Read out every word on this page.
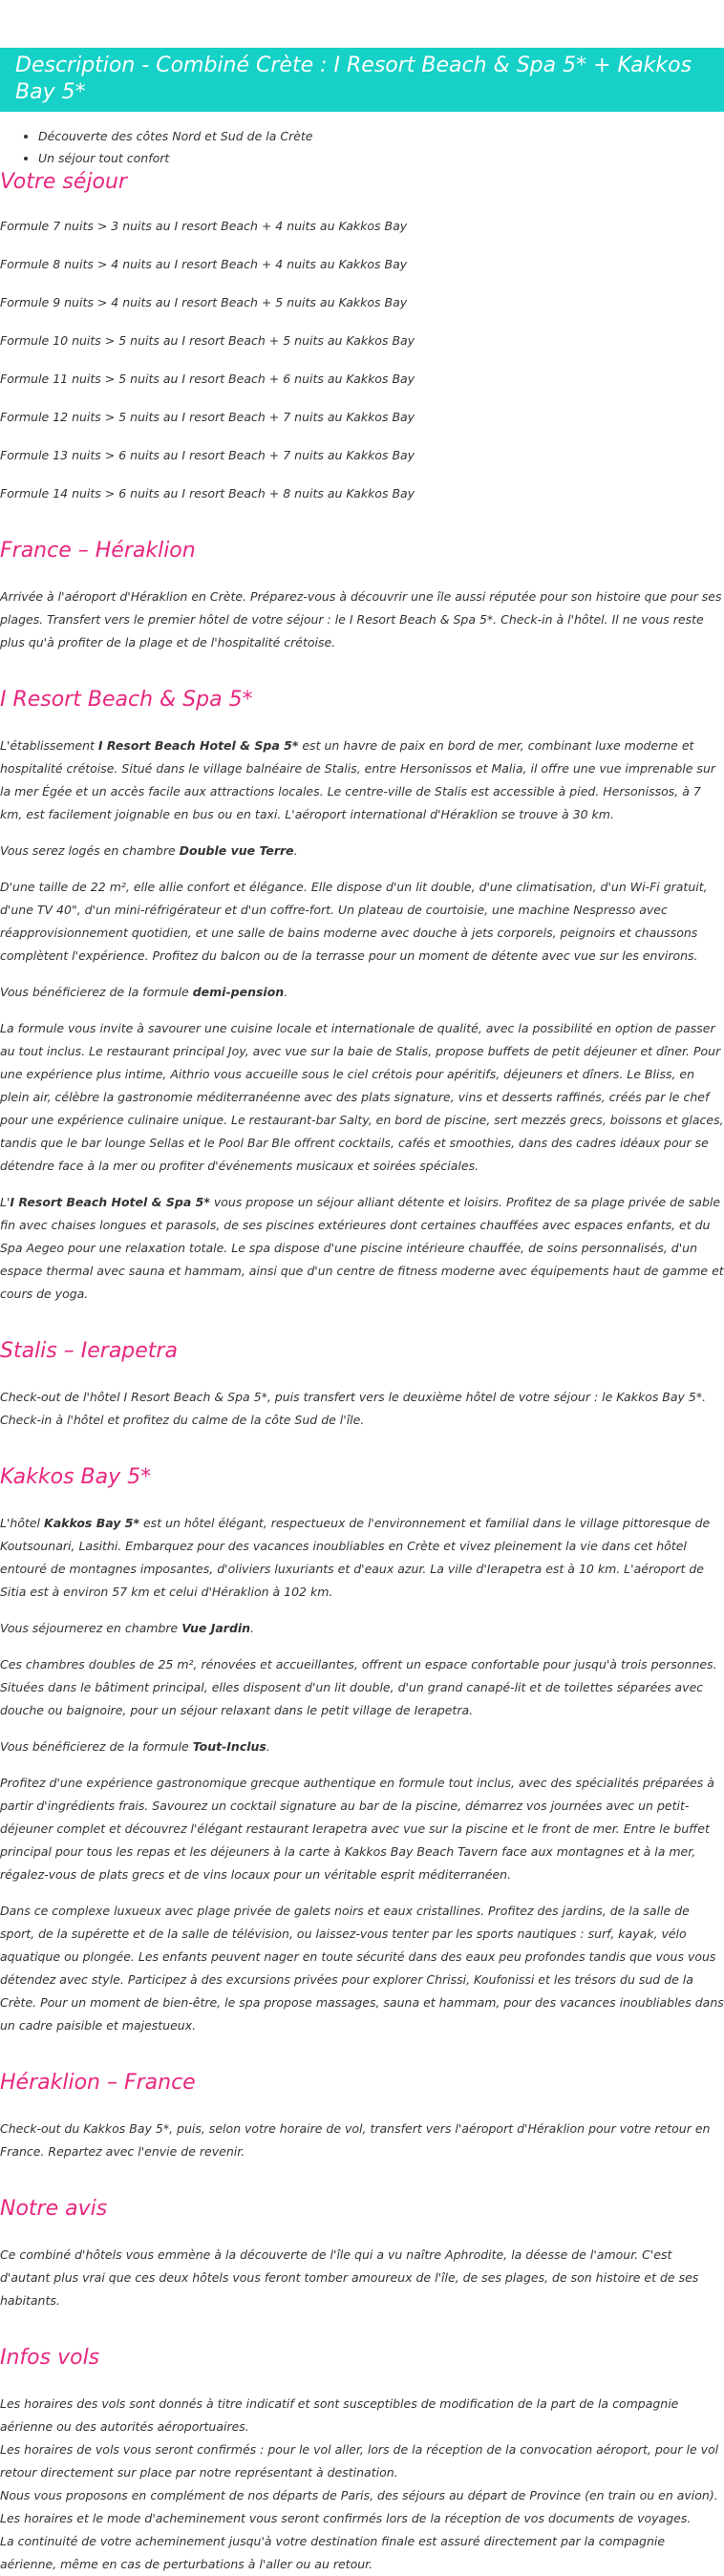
Description - Combiné Crète : I Resort Beach & Spa 5* + Kakkos Bay 5*
• Découverte des côtes Nord et Sud de la Crète
• Un séjour tout confort
Votre séjour

Formule 7 nuits > 3 nuits au I resort Beach + 4 nuits au Kakkos Bay

Formule 8 nuits > 4 nuits au I resort Beach + 4 nuits au Kakkos Bay

Formule 9 nuits > 4 nuits au I resort Beach + 5 nuits au Kakkos Bay

Formule 10 nuits > 5 nuits au I resort Beach + 5 nuits au Kakkos Bay

Formule 11 nuits > 5 nuits au I resort Beach + 6 nuits au Kakkos Bay

Formule 12 nuits > 5 nuits au I resort Beach + 7 nuits au Kakkos Bay

Formule 13 nuits > 6 nuits au I resort Beach + 7 nuits au Kakkos Bay

Formule 14 nuits > 6 nuits au I resort Beach + 8 nuits au Kakkos Bay

France – Héraklion

Arrivée à l'aéroport d'Héraklion en Crète. Préparez-vous à découvrir une île aussi réputée pour son histoire que pour ses plages. Transfert vers le premier hôtel de votre séjour : le I Resort Beach & Spa 5*. Check-in à l'hôtel. Il ne vous reste plus qu'à profiter de la plage et de l'hospitalité crétoise.

I Resort Beach & Spa 5*

L'établissement I Resort Beach Hotel & Spa 5* est un havre de paix en bord de mer, combinant luxe moderne et hospitalité crétoise. Situé dans le village balnéaire de Stalis, entre Hersonissos et Malia, il offre une vue imprenable sur la mer Égée et un accès facile aux attractions locales. Le centre-ville de Stalis est accessible à pied. Hersonissos, à 7 km, est facilement joignable en bus ou en taxi. L'aéroport international d'Héraklion se trouve à 30 km.

Vous serez logés en chambre Double vue Terre.

D'une taille de 22 m², elle allie confort et élégance. Elle dispose d'un lit double, d'une climatisation, d'un Wi-Fi gratuit, d'une TV 40", d'un mini-réfrigérateur et d'un coffre-fort. Un plateau de courtoisie, une machine Nespresso avec réapprovisionnement quotidien, et une salle de bains moderne avec douche à jets corporels, peignoirs et chaussons complètent l'expérience. Profitez du balcon ou de la terrasse pour un moment de détente avec vue sur les environs.

Vous bénéficierez de la formule demi-pension.

La formule vous invite à savourer une cuisine locale et internationale de qualité, avec la possibilité en option de passer au tout inclus. Le restaurant principal Joy, avec vue sur la baie de Stalis, propose buffets de petit déjeuner et dîner. Pour une expérience plus intime, Aithrio vous accueille sous le ciel crétois pour apéritifs, déjeuners et dîners. Le Bliss, en plein air, célèbre la gastronomie méditerranéenne avec des plats signature, vins et desserts raffinés, créés par le chef pour une expérience culinaire unique. Le restaurant-bar Salty, en bord de piscine, sert mezzés grecs, boissons et glaces, tandis que le bar lounge Sellas et le Pool Bar Ble offrent cocktails, cafés et smoothies, dans des cadres idéaux pour se détendre face à la mer ou profiter d'événements musicaux et soirées spéciales.

L'I Resort Beach Hotel & Spa 5* vous propose un séjour alliant détente et loisirs. Profitez de sa plage privée de sable fin avec chaises longues et parasols, de ses piscines extérieures dont certaines chauffées avec espaces enfants, et du Spa Aegeo pour une relaxation totale. Le spa dispose d'une piscine intérieure chauffée, de soins personnalisés, d'un espace thermal avec sauna et hammam, ainsi que d'un centre de fitness moderne avec équipements haut de gamme et cours de yoga.

Stalis – Ierapetra

Check-out de l'hôtel I Resort Beach & Spa 5*, puis transfert vers le deuxième hôtel de votre séjour : le Kakkos Bay 5*. Check-in à l'hôtel et profitez du calme de la côte Sud de l'île.

Kakkos Bay 5*

L'hôtel Kakkos Bay 5* est un hôtel élégant, respectueux de l'environnement et familial dans le village pittoresque de Koutsounari, Lasithi. Embarquez pour des vacances inoubliables en Crète et vivez pleinement la vie dans cet hôtel entouré de montagnes imposantes, d'oliviers luxuriants et d'eaux azur. La ville d'Ierapetra est à 10 km. L'aéroport de Sitia est à environ 57 km et celui d'Héraklion à 102 km.

Vous séjournerez en chambre Vue Jardin.

Ces chambres doubles de 25 m², rénovées et accueillantes, offrent un espace confortable pour jusqu'à trois personnes. Situées dans le bâtiment principal, elles disposent d'un lit double, d'un grand canapé-lit et de toilettes séparées avec douche ou baignoire, pour un séjour relaxant dans le petit village de Ierapetra.

Vous bénéficierez de la formule Tout-Inclus.

Profitez d'une expérience gastronomique grecque authentique en formule tout inclus, avec des spécialités préparées à partir d'ingrédients frais. Savourez un cocktail signature au bar de la piscine, démarrez vos journées avec un petit-déjeuner complet et découvrez l'élégant restaurant Ierapetra avec vue sur la piscine et le front de mer. Entre le buffet principal pour tous les repas et les déjeuners à la carte à Kakkos Bay Beach Tavern face aux montagnes et à la mer, régalez-vous de plats grecs et de vins locaux pour un véritable esprit méditerranéen.

Dans ce complexe luxueux avec plage privée de galets noirs et eaux cristallines. Profitez des jardins, de la salle de sport, de la supérette et de la salle de télévision, ou laissez-vous tenter par les sports nautiques : surf, kayak, vélo aquatique ou plongée. Les enfants peuvent nager en toute sécurité dans des eaux peu profondes tandis que vous vous détendez avec style. Participez à des excursions privées pour explorer Chrissi, Koufonissi et les trésors du sud de la Crète. Pour un moment de bien-être, le spa propose massages, sauna et hammam, pour des vacances inoubliables dans un cadre paisible et majestueux.

Héraklion – France

Check-out du Kakkos Bay 5*, puis, selon votre horaire de vol, transfert vers l'aéroport d'Héraklion pour votre retour en France. Repartez avec l'envie de revenir.

Notre avis

Ce combiné d'hôtels vous emmène à la découverte de l'île qui a vu naître Aphrodite, la déesse de l'amour. C'est d'autant plus vrai que ces deux hôtels vous feront tomber amoureux de l'île, de ses plages, de son histoire et de ses habitants.

Infos vols

Les horaires des vols sont donnés à titre indicatif et sont susceptibles de modification de la part de la compagnie aérienne ou des autorités aéroportuaires.

Les horaires de vols vous seront confirmés : pour le vol aller, lors de la réception de la convocation aéroport, pour le vol retour directement sur place par notre représentant à destination.

Nous vous proposons en complément de nos départs de Paris, des séjours au départ de Province (en train ou en avion).

Les horaires et le mode d'acheminement vous seront confirmés lors de la réception de vos documents de voyages.

La continuité de votre acheminement jusqu'à votre destination finale est assuré directement par la compagnie aérienne, même en cas de perturbations à l'aller ou au retour.
